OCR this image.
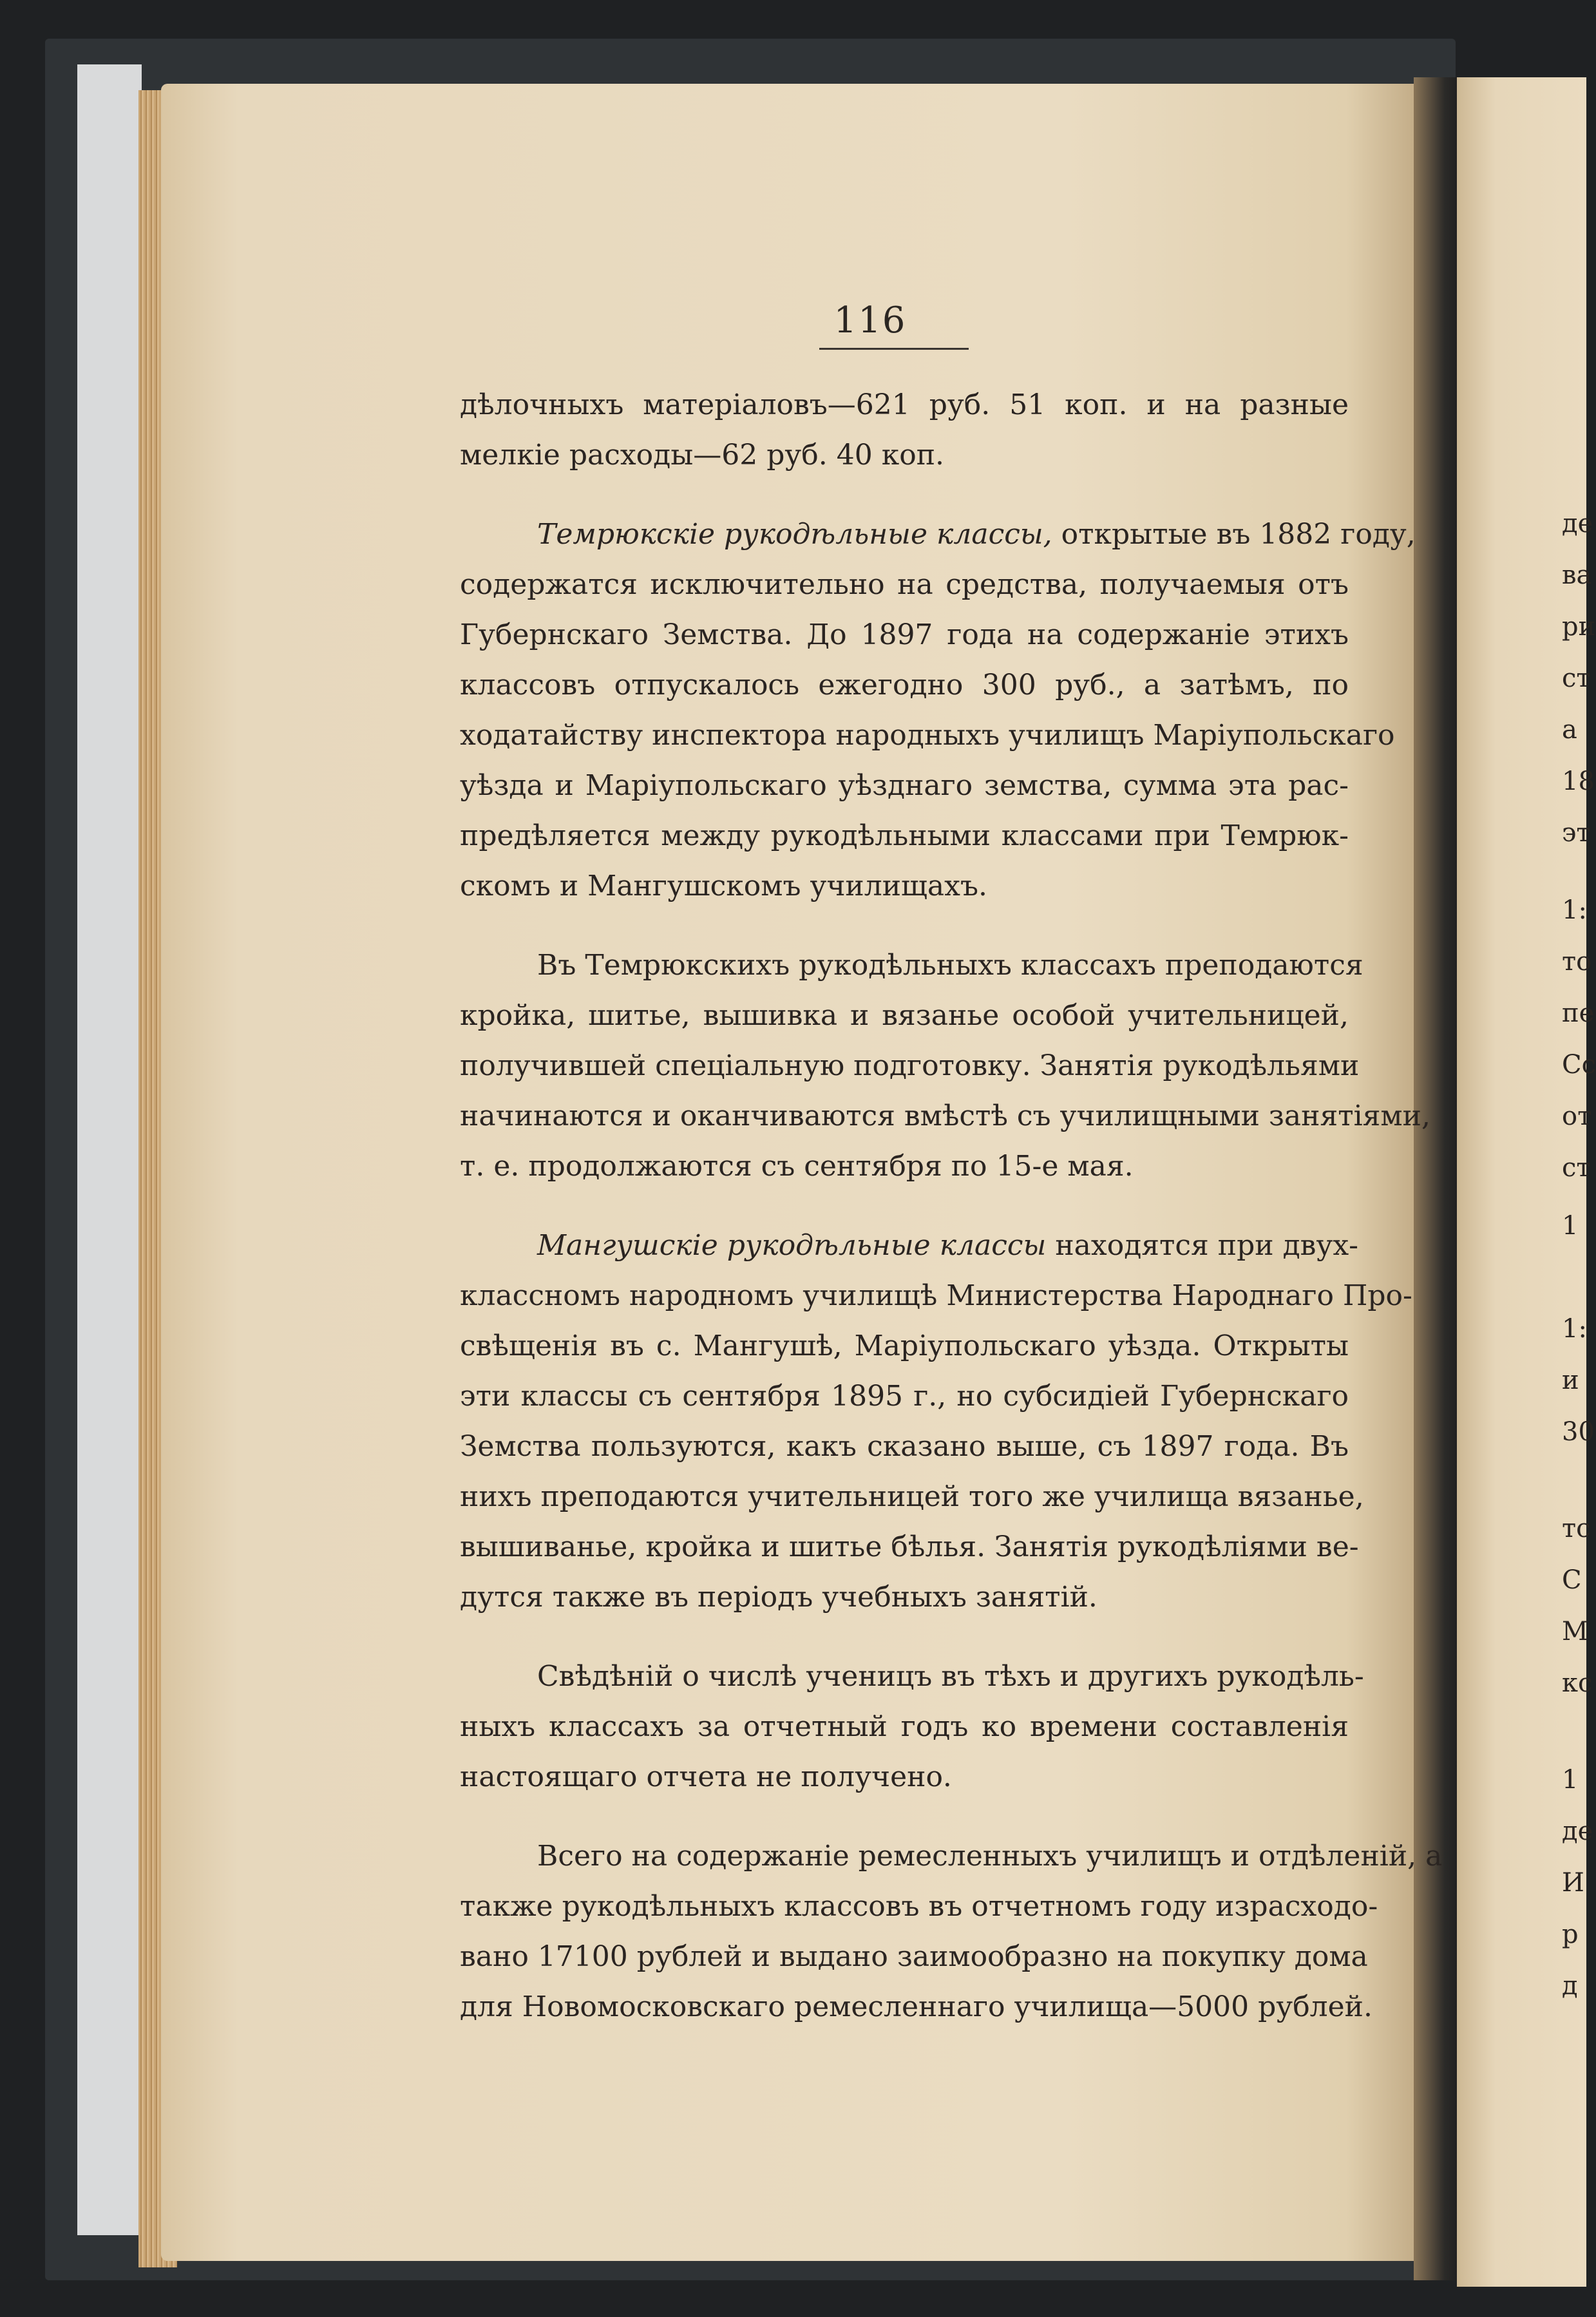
де
ва
ри
ст
а
18
эт
1:
то
пе
Сс
от
ст
1
1:
и
30
тс
С
М
кс
1
де
И
р
д
116
дѣлочныхъ матеріаловъ—621 руб. 51 коп. и на разные
мелкіе расходы—62 руб. 40 коп.
Темрюкскіе рукодѣльные классы, открытые въ 1882 году,
содержатся исключительно на средства, получаемыя отъ
Губернскаго Земства. До 1897 года на содержаніе этихъ
классовъ отпускалось ежегодно 300 руб., а затѣмъ, по
ходатайству инспектора народныхъ училищъ Маріупольскаго
уѣзда и Маріупольскаго уѣзднаго земства, сумма эта рас-
предѣляется между рукодѣльными классами при Темрюк-
скомъ и Мангушскомъ училищахъ.
Въ Темрюкскихъ рукодѣльныхъ классахъ преподаются
кройка, шитье, вышивка и вязанье особой учительницей,
получившей спеціальную подготовку. Занятія рукодѣльями
начинаются и оканчиваются вмѣстѣ съ училищными занятіями,
т. е. продолжаются съ сентября по 15-е мая.
Мангушскіе рукодѣльные классы находятся при двух-
классномъ народномъ училищѣ Министерства Народнаго Про-
свѣщенія въ с. Мангушѣ, Маріупольскаго уѣзда. Открыты
эти классы съ сентября 1895 г., но субсидіей Губернскаго
Земства пользуются, какъ сказано выше, съ 1897 года. Въ
нихъ преподаются учительницей того же училища вязанье,
вышиванье, кройка и шитье бѣлья. Занятія рукодѣліями ве-
дутся также въ періодъ учебныхъ занятій.
Свѣдѣній о числѣ ученицъ въ тѣхъ и другихъ рукодѣль-
ныхъ классахъ за отчетный годъ ко времени составленія
настоящаго отчета не получено.
Всего на содержаніе ремесленныхъ училищъ и отдѣленій, а
также рукодѣльныхъ классовъ въ отчетномъ году израсходо-
вано 17100 рублей и выдано заимообразно на покупку дома
для Новомосковскаго ремесленнаго училища—5000 рублей.
